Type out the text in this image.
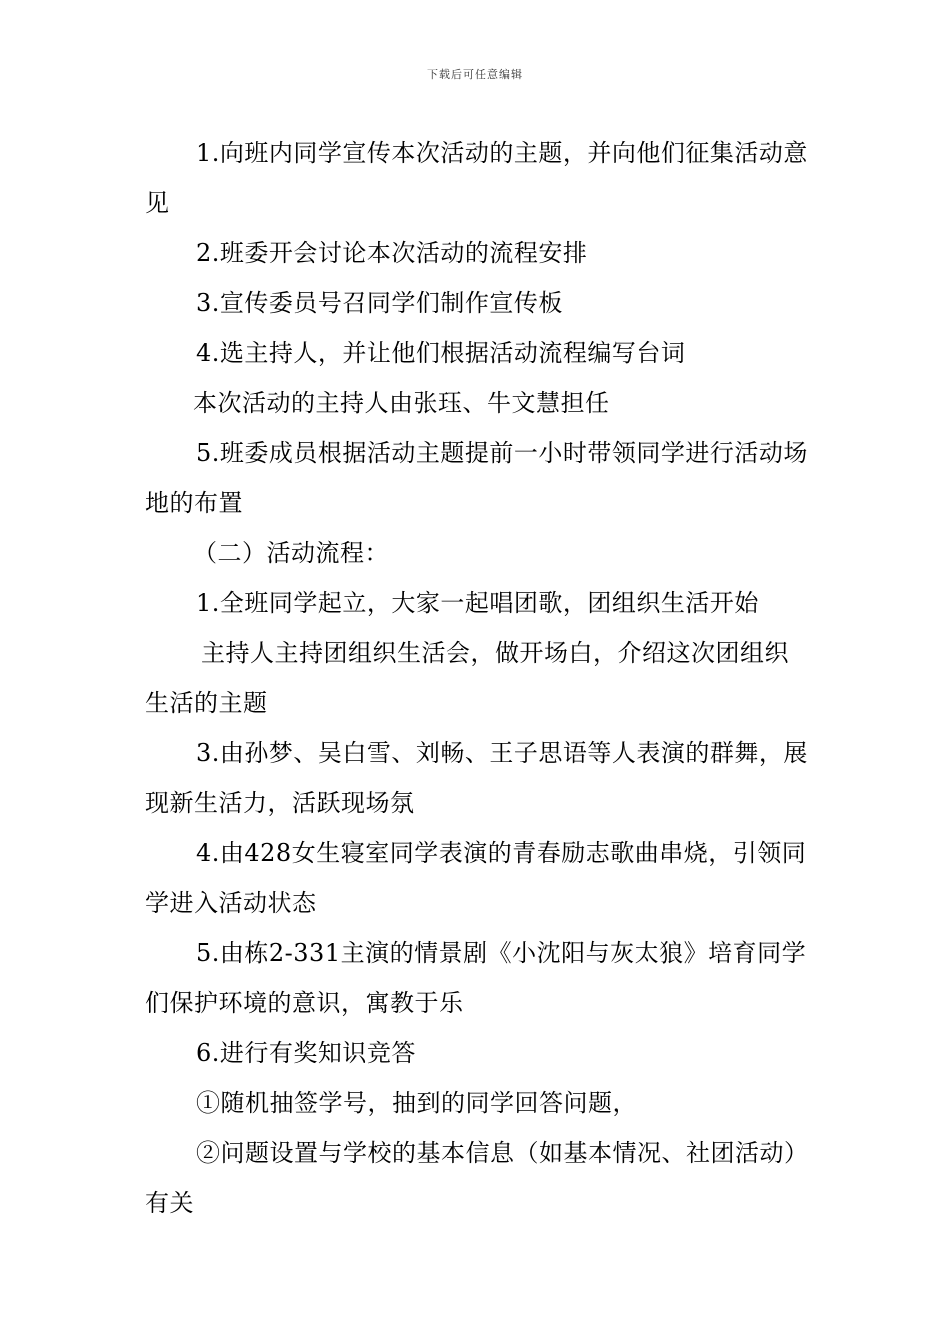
下载后可任意编辑

1.向班内同学宣传本次活动的主题，并向他们征集活动意见

2.班委开会讨论本次活动的流程安排

3.宣传委员号召同学们制作宣传板

4.选主持人，并让他们根据活动流程编写台词

本次活动的主持人由张珏、牛文慧担任

5.班委成员根据活动主题提前一小时带领同学进行活动场地的布置

（二）活动流程：

1.全班同学起立，大家一起唱团歌，团组织生活开始

主持人主持团组织生活会，做开场白，介绍这次团组织生活的主题

3.由孙梦、吴白雪、刘畅、王子思语等人表演的群舞，展现新生活力，活跃现场氛

4.由428女生寝室同学表演的青春励志歌曲串烧，引领同学进入活动状态

5.由栋2-331主演的情景剧《小沈阳与灰太狼》培育同学们保护环境的意识，寓教于乐

6.进行有奖知识竞答

①随机抽签学号，抽到的同学回答问题，

②问题设置与学校的基本信息（如基本情况、社团活动）有关
